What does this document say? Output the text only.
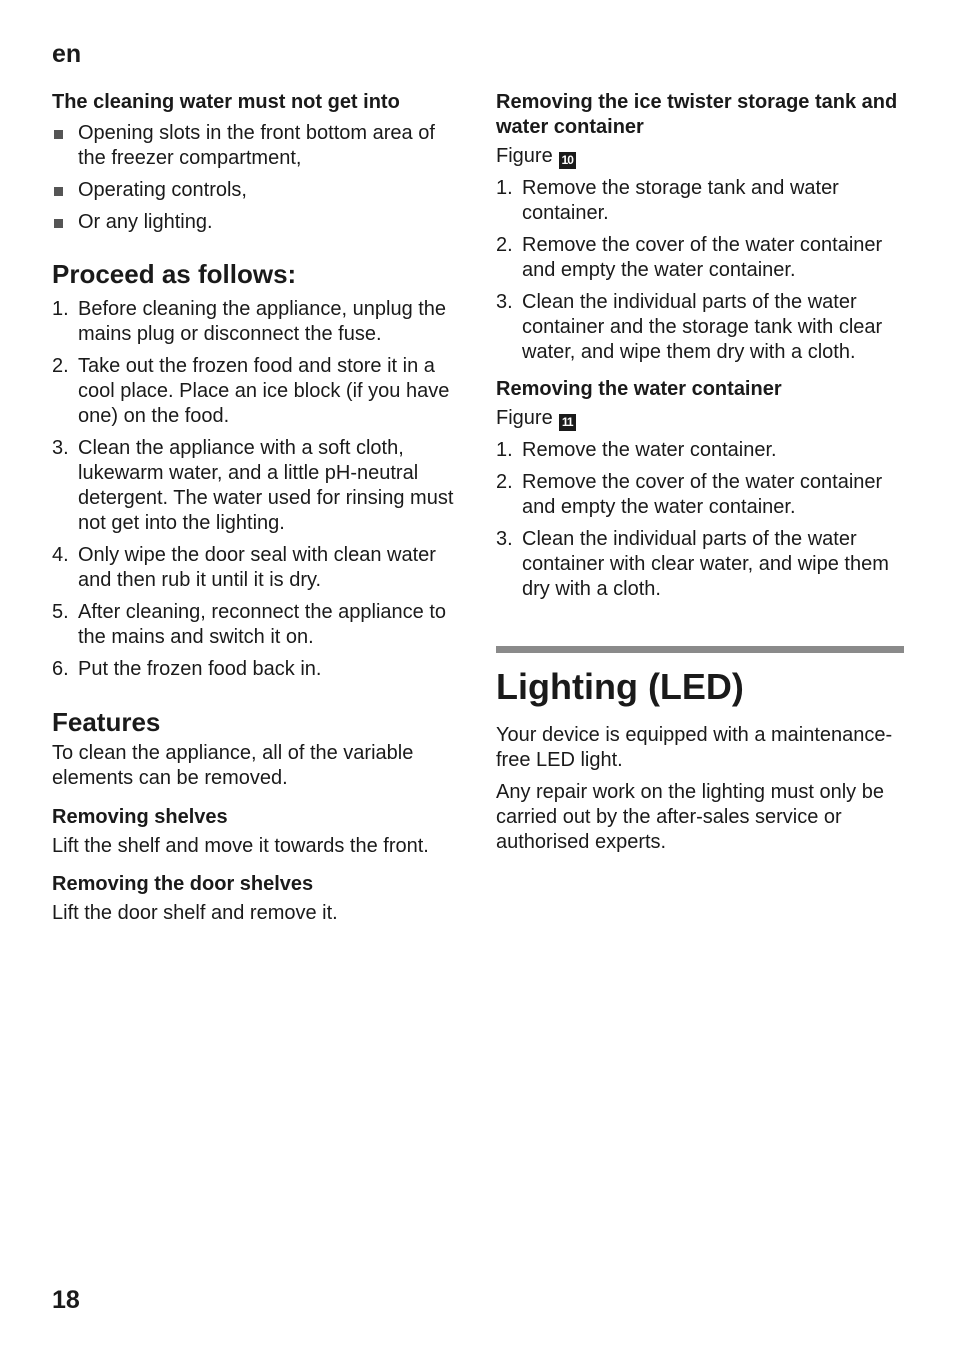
en
The cleaning water must not get into
Opening slots in the front bottom area of the freezer compartment,
Operating controls,
Or any lighting.
Proceed as follows:
1. Before cleaning the appliance, unplug the mains plug or disconnect the fuse.
2. Take out the frozen food and store it in a cool place. Place an ice block (if you have one) on the food.
3. Clean the appliance with a soft cloth, lukewarm water, and a little pH-neutral detergent. The water used for rinsing must not get into the lighting.
4. Only wipe the door seal with clean water and then rub it until it is dry.
5. After cleaning, reconnect the appliance to the mains and switch it on.
6. Put the frozen food back in.
Features

To clean the appliance, all of the variable elements can be removed.

Removing shelves

Lift the shelf and move it towards the front.

Removing the door shelves

Lift the door shelf and remove it.

Removing the ice twister storage tank and water container

Figure 10

1. Remove the storage tank and water container.
2. Remove the cover of the water container and empty the water container.
3. Clean the individual parts of the water container and the storage tank with clear water, and wipe them dry with a cloth.
Removing the water container

Figure 11

1. Remove the water container.
2. Remove the cover of the water container and empty the water container.
3. Clean the individual parts of the water container with clear water, and wipe them dry with a cloth.
Lighting (LED)

Your device is equipped with a maintenance-free LED light.

Any repair work on the lighting must only be carried out by the after-sales service or authorised experts.

18
